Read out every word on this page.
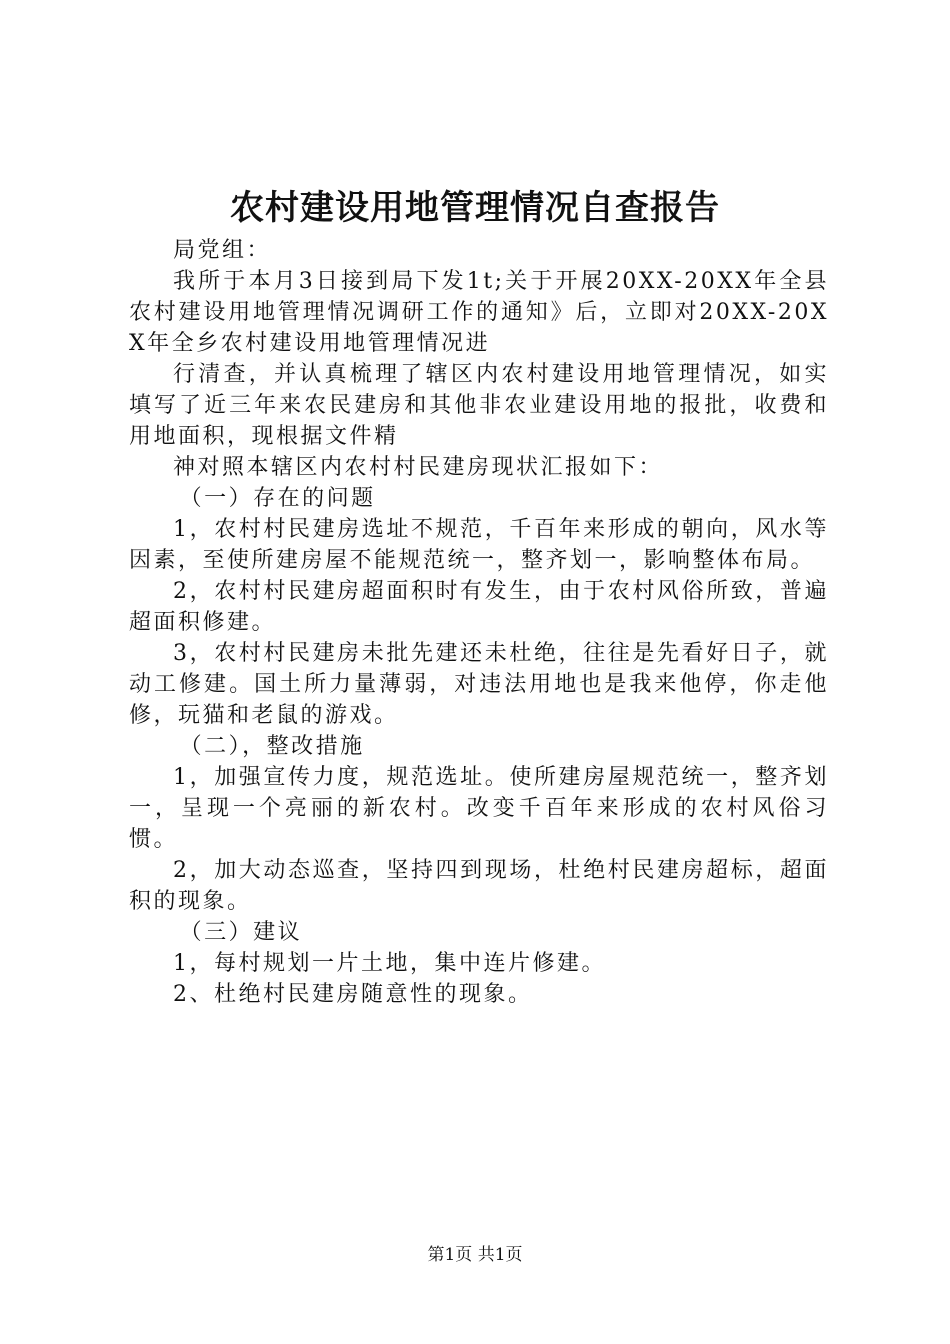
农村建设用地管理情况自查报告

局党组：

我所于本月3日接到局下发1t;关于开展20XX-20XX年全县农村建设用地管理情况调研工作的通知》后，立即对20XX-20XX年全乡农村建设用地管理情况进

行清查，并认真梳理了辖区内农村建设用地管理情况，如实填写了近三年来农民建房和其他非农业建设用地的报批，收费和用地面积，现根据文件精

神对照本辖区内农村村民建房现状汇报如下：

（一）存在的问题

1，农村村民建房选址不规范，千百年来形成的朝向，风水等因素，至使所建房屋不能规范统一，整齐划一，影响整体布局。

2，农村村民建房超面积时有发生，由于农村风俗所致，普遍超面积修建。

3，农村村民建房未批先建还未杜绝，往往是先看好日子，就动工修建。国土所力量薄弱，对违法用地也是我来他停，你走他修，玩猫和老鼠的游戏。

（二），整改措施

1，加强宣传力度，规范选址。使所建房屋规范统一，整齐划一，呈现一个亮丽的新农村。改变千百年来形成的农村风俗习惯。

2，加大动态巡查，坚持四到现场，杜绝村民建房超标，超面积的现象。

（三）建议

1，每村规划一片土地，集中连片修建。

2、杜绝村民建房随意性的现象。

第1页 共1页
